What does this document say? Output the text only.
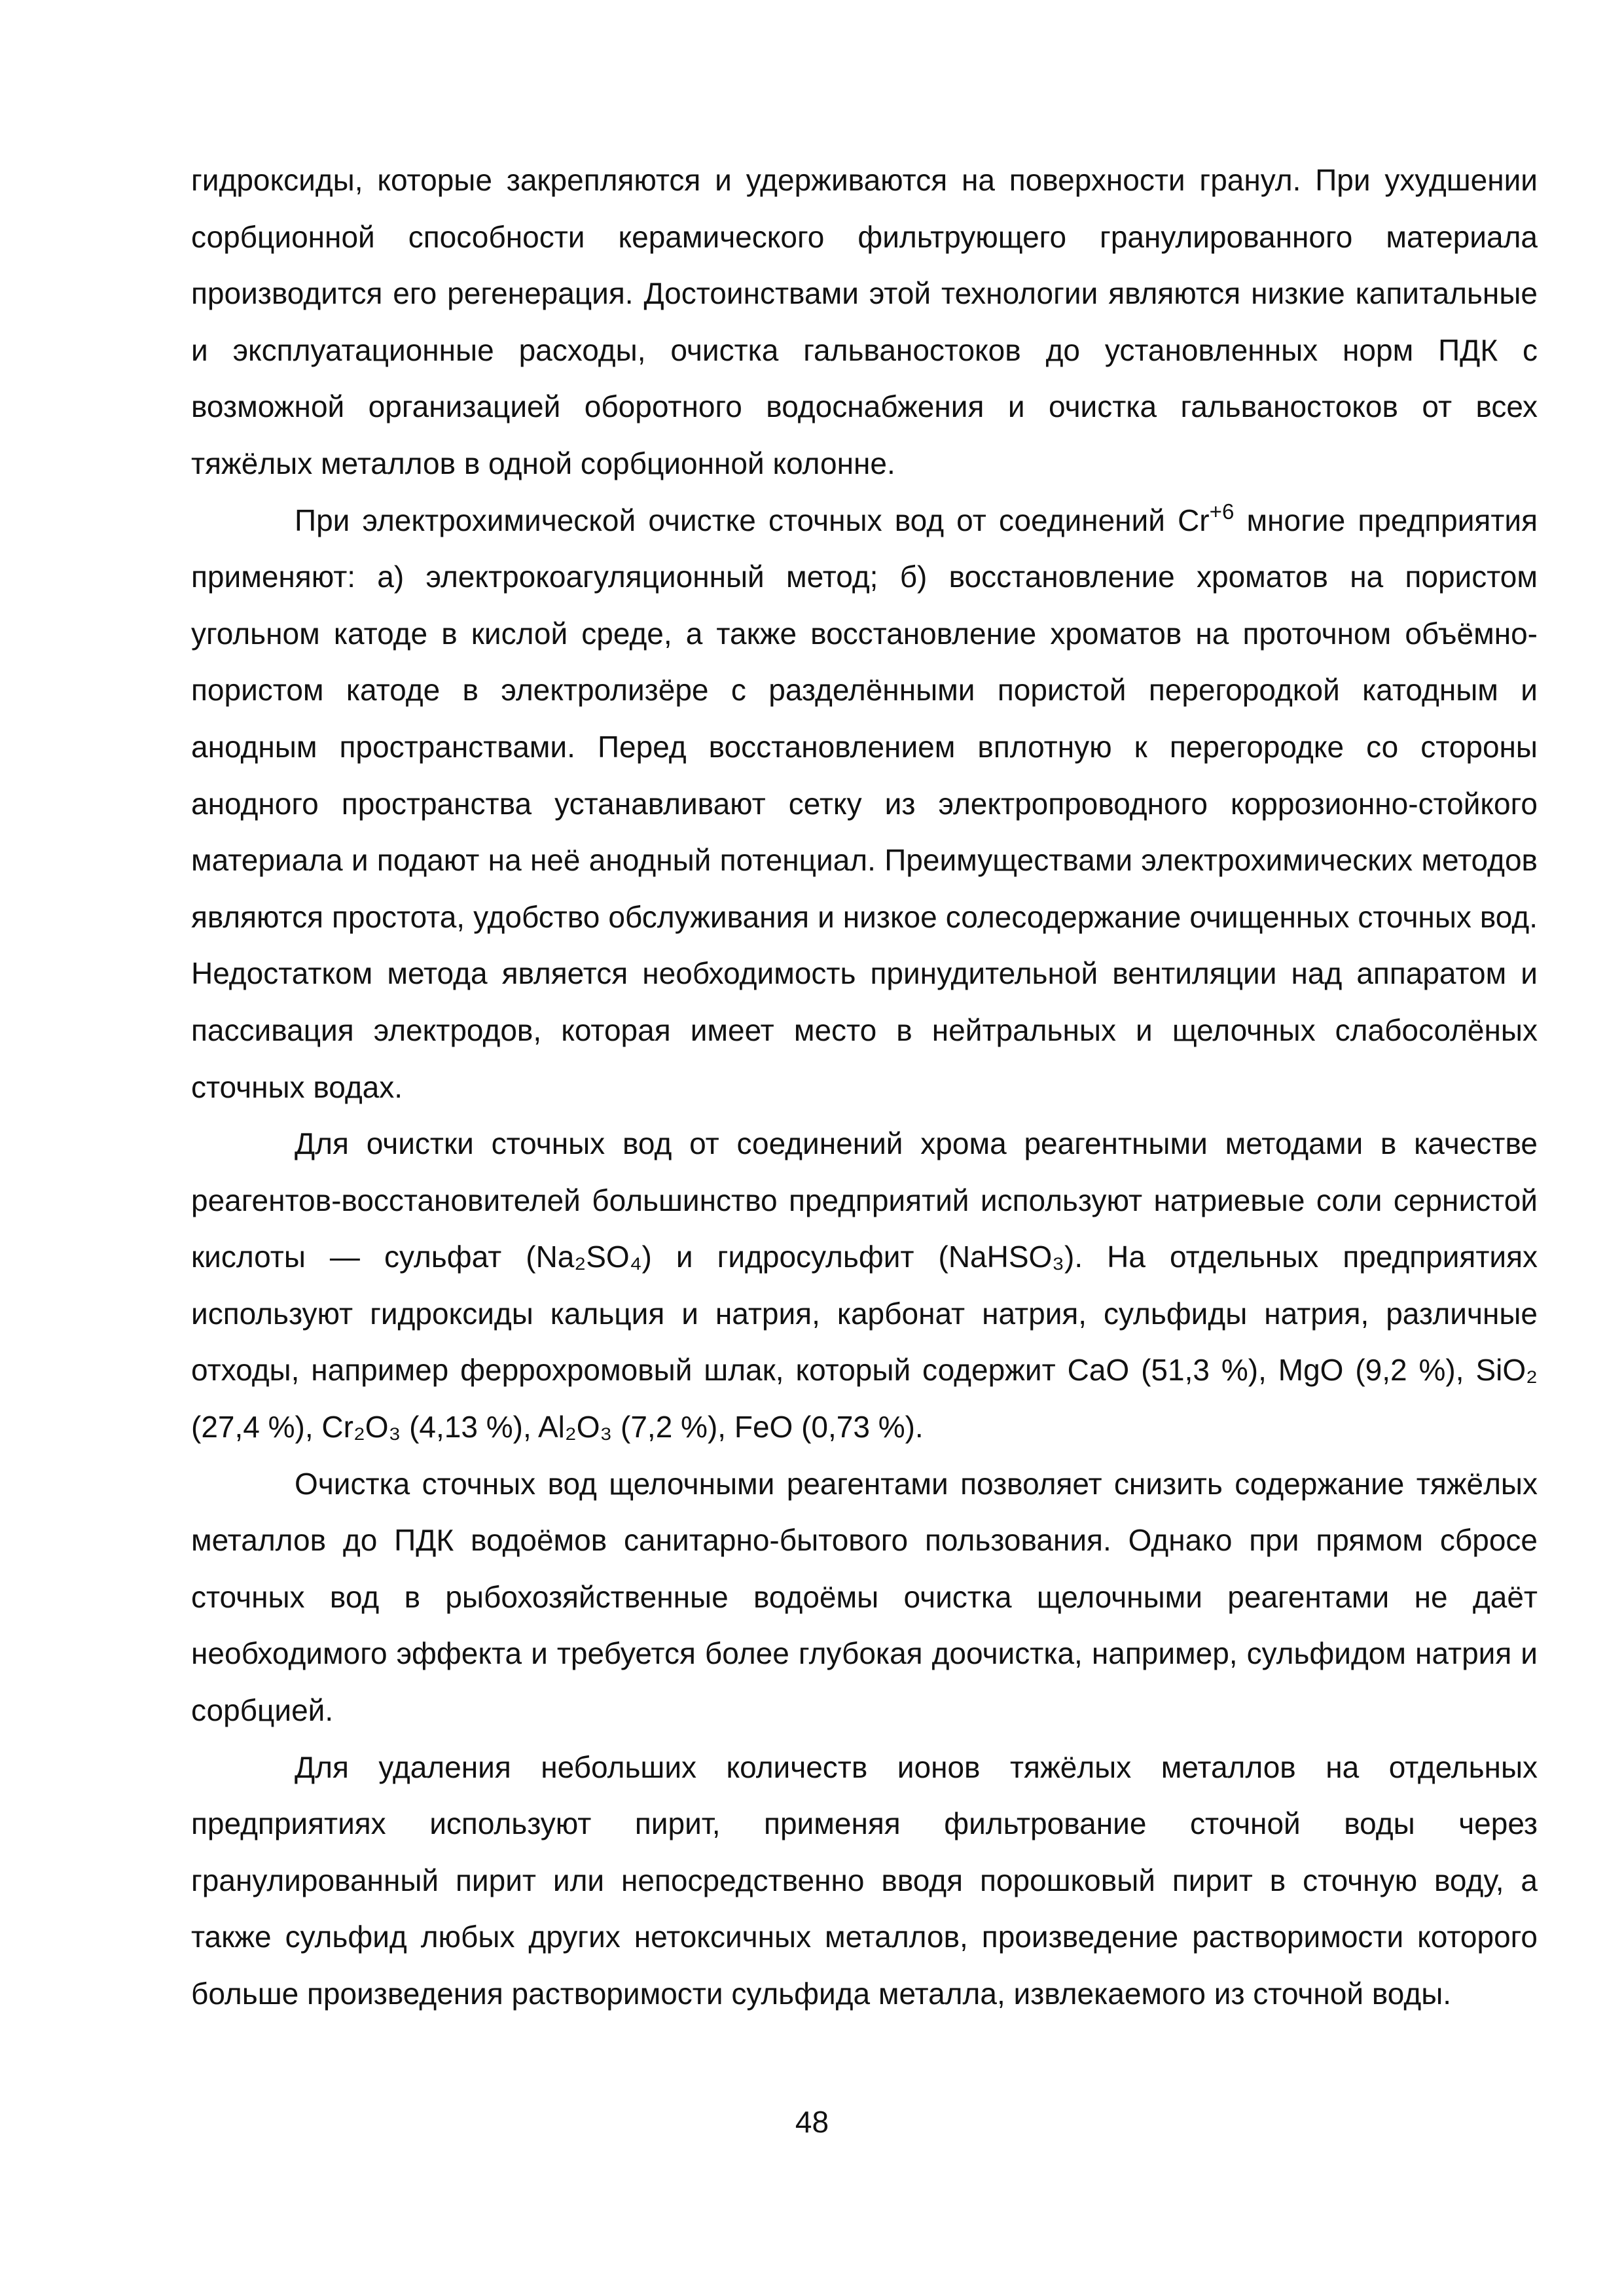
гидроксиды, которые закрепляются и удерживаются на поверхности гранул. При ухудшении сорбционной способности керамического фильтрующего гранулированного материала производится его регенерация. Достоинствами этой технологии являются низкие капитальные и эксплуатационные расходы, очистка гальваностоков до установленных норм ПДК с возможной организацией оборотного водоснабжения и очистка гальваностоков от всех тяжёлых металлов в одной сорбционной колонне.

При электрохимической очистке сточных вод от соединений $Cr^{+6}$ многие предприятия применяют: а) электрокоагуляционный метод; б) восстановление хроматов на пористом угольном катоде в кислой среде, а также восстановление хроматов на проточном объёмно-пористом катоде в электролизёре с разделёнными пористой перегородкой катодным и анодным пространствами. Перед восстановлением вплотную к перегородке со стороны анодного пространства устанавливают сетку из электропроводного коррозионно-стойкого материала и подают на неё анодный потенциал. Преимуществами электрохимических методов являются простота, удобство обслуживания и низкое солесодержание очищенных сточных вод. Недостатком метода является необходимость принудительной вентиляции над аппаратом и пассивация электродов, которая имеет место в нейтральных и щелочных слабосолёных сточных водах.

Для очистки сточных вод от соединений хрома реагентными методами в качестве реагентов-восстановителей большинство предприятий используют натриевые соли сернистой кислоты — сульфат (Na₂SO₄) и гидросульфит (NaHSO₃). На отдельных предприятиях используют гидроксиды кальция и натрия, карбонат натрия, сульфиды натрия, различные отходы, например феррохромовый шлак, который содержит CaO (51,3 %), MgO (9,2 %), SiO₂ (27,4 %), Cr₂O₃ (4,13 %), Al₂O₃ (7,2 %), FeO (0,73 %).

Очистка сточных вод щелочными реагентами позволяет снизить содержание тяжёлых металлов до ПДК водоёмов санитарно-бытового пользования. Однако при прямом сбросе сточных вод в рыбохозяйственные водоёмы очистка щелочными реагентами не даёт необходимого эффекта и требуется более глубокая доочистка, например, сульфидом натрия и сорбцией.

Для удаления небольших количеств ионов тяжёлых металлов на отдельных предприятиях используют пирит, применяя фильтрование сточной воды через гранулированный пирит или непосредственно вводя порошковый пирит в сточную воду, а также сульфид любых других нетоксичных металлов, произведение растворимости которого больше произведения растворимости сульфида металла, извлекаемого из сточной воды.

48
